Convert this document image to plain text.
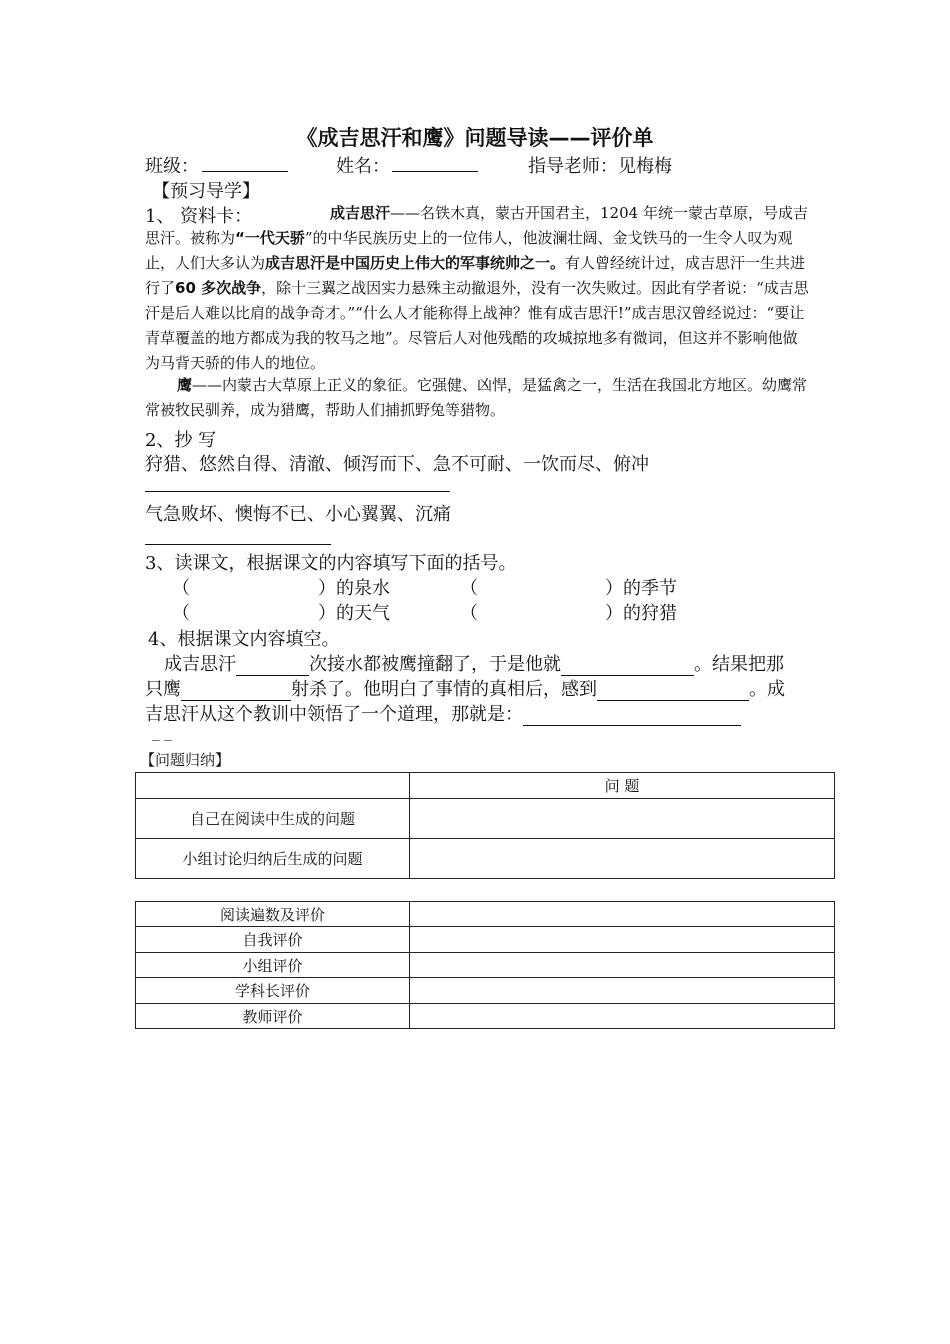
《成吉思汗和鹰》问题导读——评价单
班级：	姓名：	指导老师：见梅梅
【预习导学】
1、 资料卡：	成吉思汗——名铁木真，蒙古开国君主，1204 年统一蒙古草原，号成吉思汗。被称为“一代天骄”的中华民族历史上的一位伟人，他波澜壮阔、金戈铁马的一生令人叹为观止，人们大多认为成吉思汗是中国历史上伟大的军事统帅之一。有人曾经统计过，成吉思汗一生共进行了60 多次战争，除十三翼之战因实力悬殊主动撤退外，没有一次失败过。因此有学者说：“成吉思汗是后人难以比肩的战争奇才。”“什么人才能称得上战神？惟有成吉思汗!”成吉思汉曾经说过：“要让青草覆盖的地方都成为我的牧马之地”。尽管后人对他残酷的攻城掠地多有微词，但这并不影响他做为马背天骄的伟人的地位。
鹰——内蒙古大草原上正义的象征。它强健、凶悍，是猛禽之一，生活在我国北方地区。幼鹰常常被牧民驯养，成为猎鹰，帮助人们捕抓野兔等猎物。
2、抄 写
狩猎、悠然自得、清澈、倾泻而下、急不可耐、一饮而尽、俯冲
气急败坏、懊悔不已、小心翼翼、沉痛
3、读课文，根据课文的内容填写下面的括号。
（	）的泉水	（	）的季节
（	）的天气	（	）的狩猎
4、根据课文内容填空。
成吉思汗	次接水都被鹰撞翻了，于是他就	。结果把那
只鹰	射杀了。他明白了事情的真相后，感到	。成
吉思汗从这个教训中领悟了一个道理，那就是：
_ _
【问题归纳】
	问 题
自己在阅读中生成的问题	
小组讨论归纳后生成的问题	
阅读遍数及评价	
自我评价	
小组评价	
学科长评价	
教师评价	
